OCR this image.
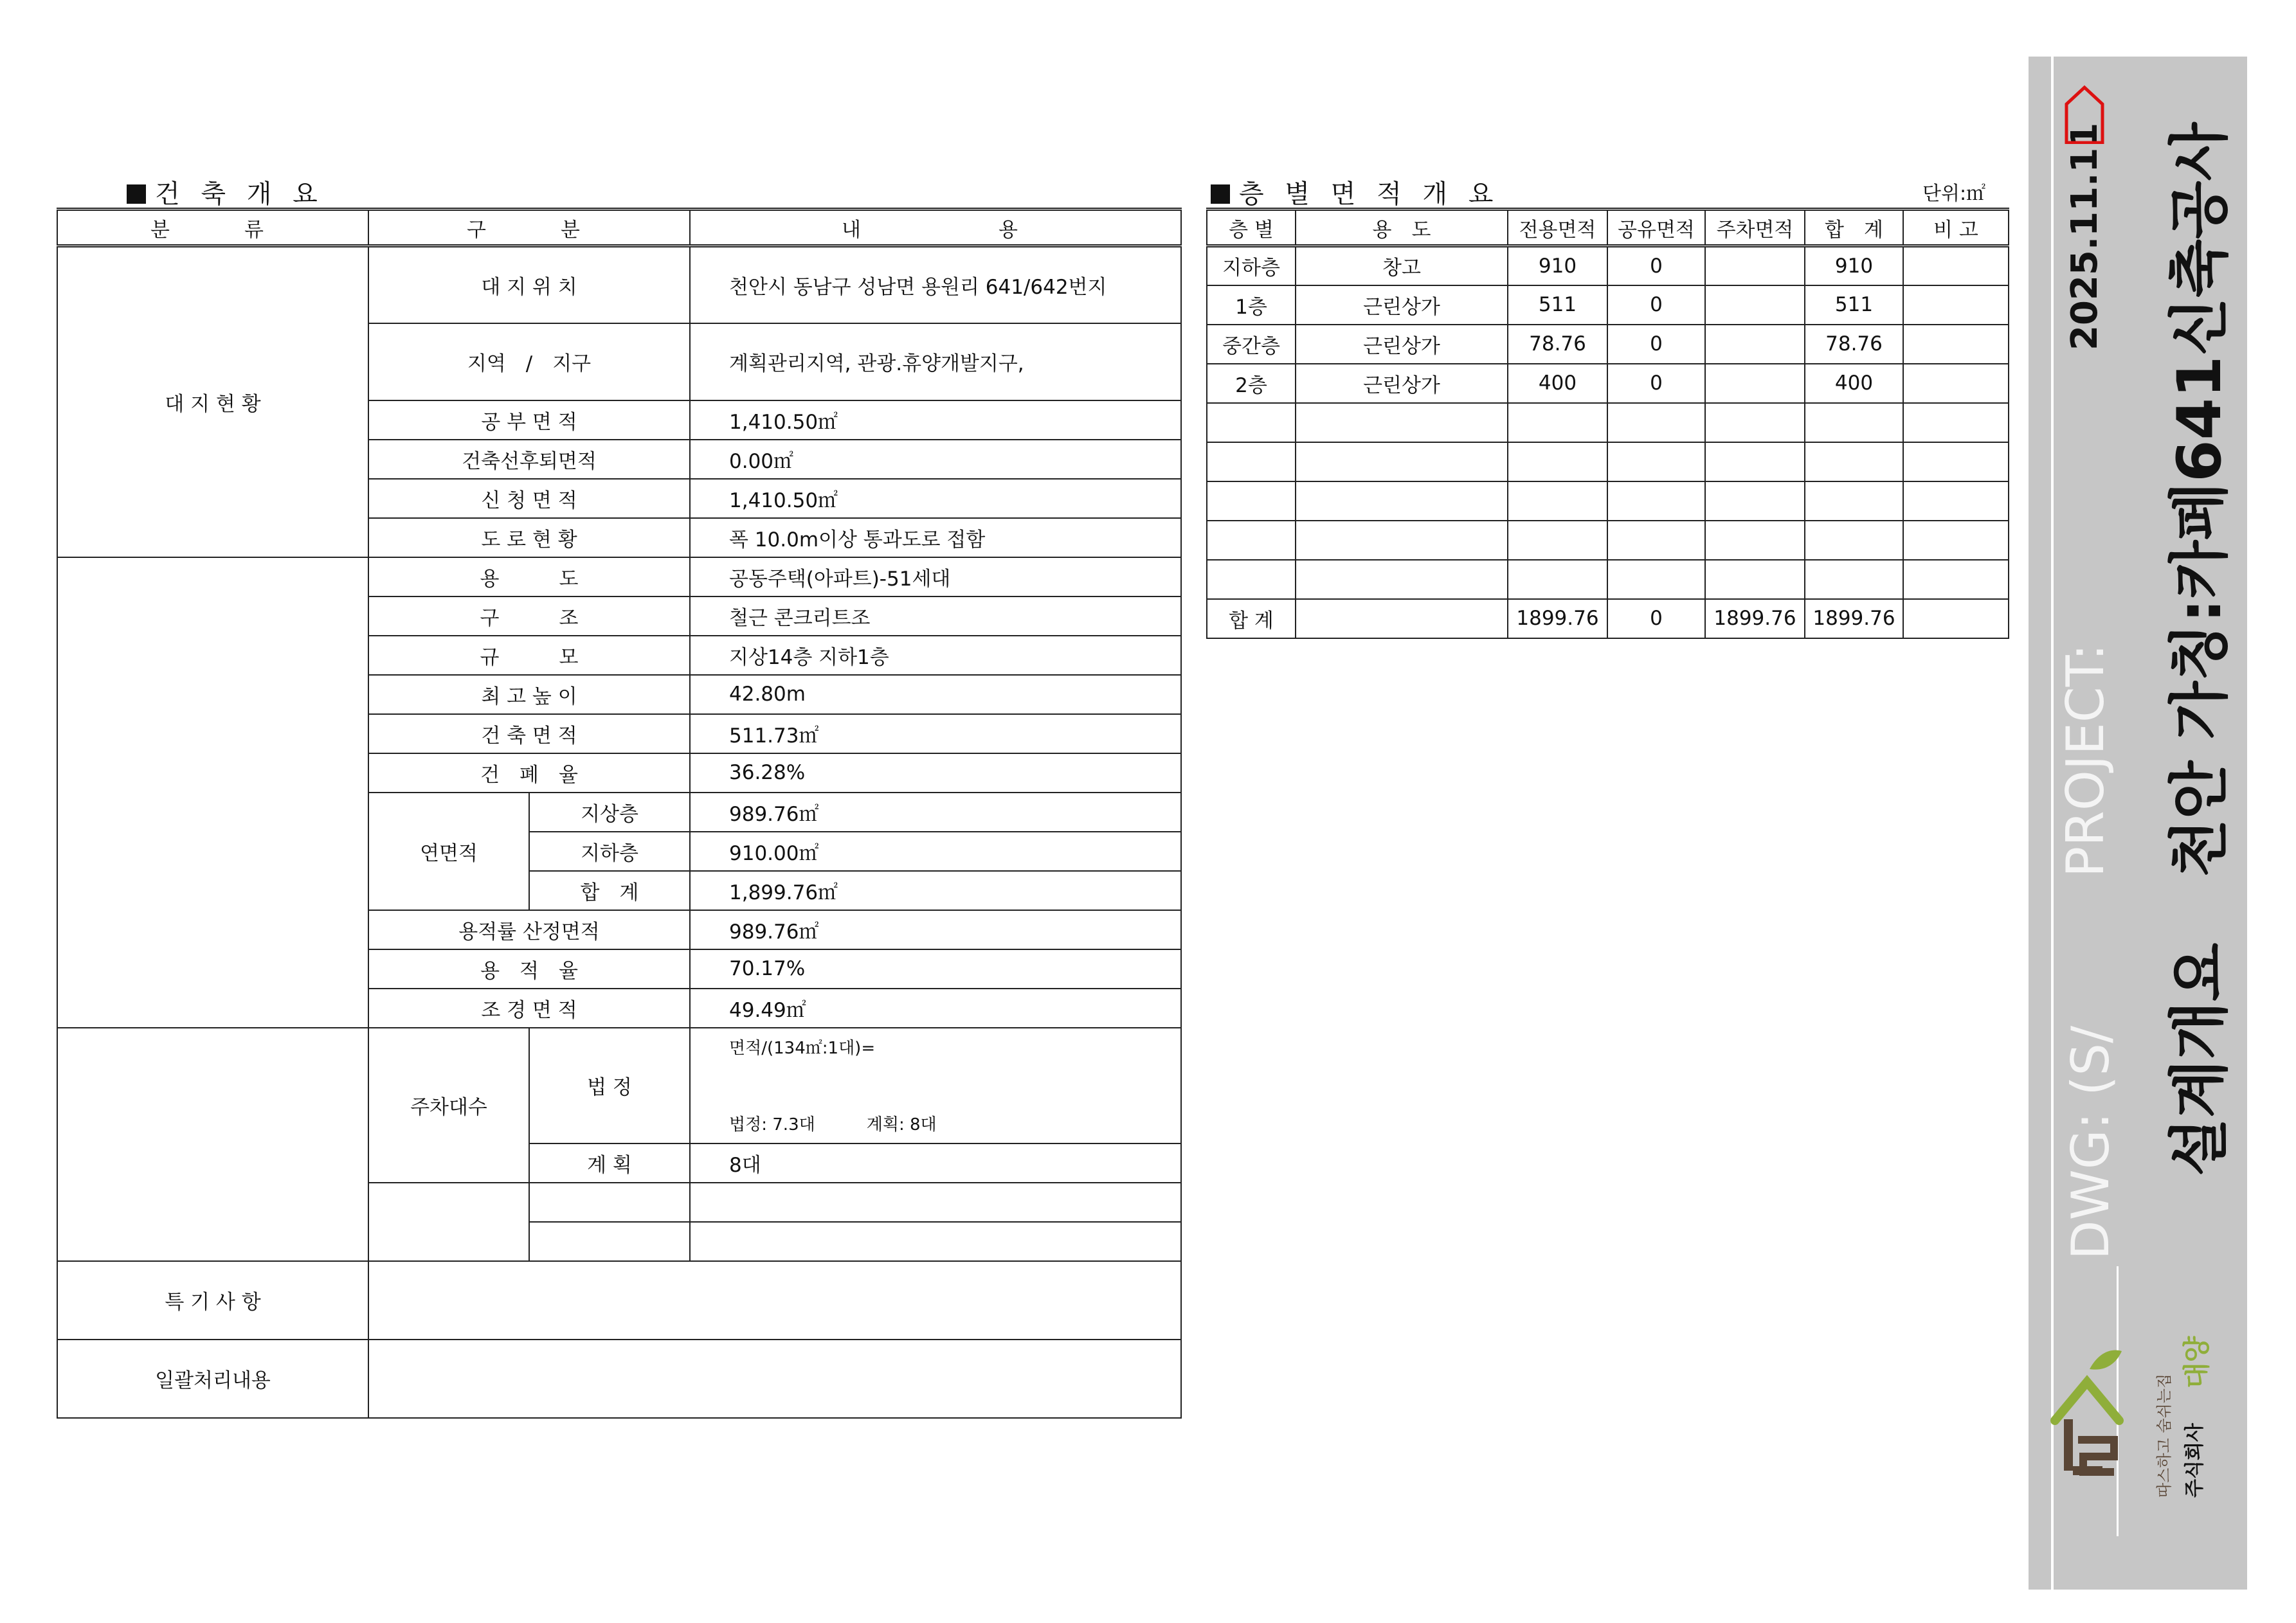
건 축 개 요
분　　류	구　　분		내　　　　용
대 지 현 황	대 지 위 치		천안시 동남구 성남면 용원리 641/642번지
	지역　/　지구		계획관리지역, 관광.휴양개발지구,
	공 부 면 적		1,410.50㎡
	건축선후퇴면적		0.00㎡
	신 청 면 적		1,410.50㎡
	도 로 현 황		폭 10.0m이상 통과도로 접함
	용　　　도		공동주택(아파트)-51세대
	구　　　조		철근 콘크리트조
	규　　　모		지상14층 지하1층
	최 고 높 이		42.80m
	건 축 면 적		511.73㎡
	건　폐　율		36.28%
	연면적	지상층	989.76㎡
		지하층	910.00㎡
		합　계	1,899.76㎡
	용적률 산정면적		989.76㎡
	용　적　율		70.17%
	조 경 면 적		49.49㎡
	주차대수	법 정	면적/(134㎡:1대)=
법정: 7.3대 계획: 8대

		계 획	8대

특 기 사 항			
일괄처리내용			
층 별 면 적 개 요	단위:㎡
층 별	용　도	전용면적	공유면적	주차면적	합　계	비 고
지하층	창고	910	0		910	
1층	근린상가	511	0		511	
중간층	근린상가	78.76	0		78.76	
2층	근린상가	400	0		400	

합 계		1899.76	0	1899.76	1899.76	
2025.11.11
PROJECT: 천안 가칭:카페641신축공사
DWG: (S/ 설계개요
주식회사
대양
따스하고 숨쉬는집
